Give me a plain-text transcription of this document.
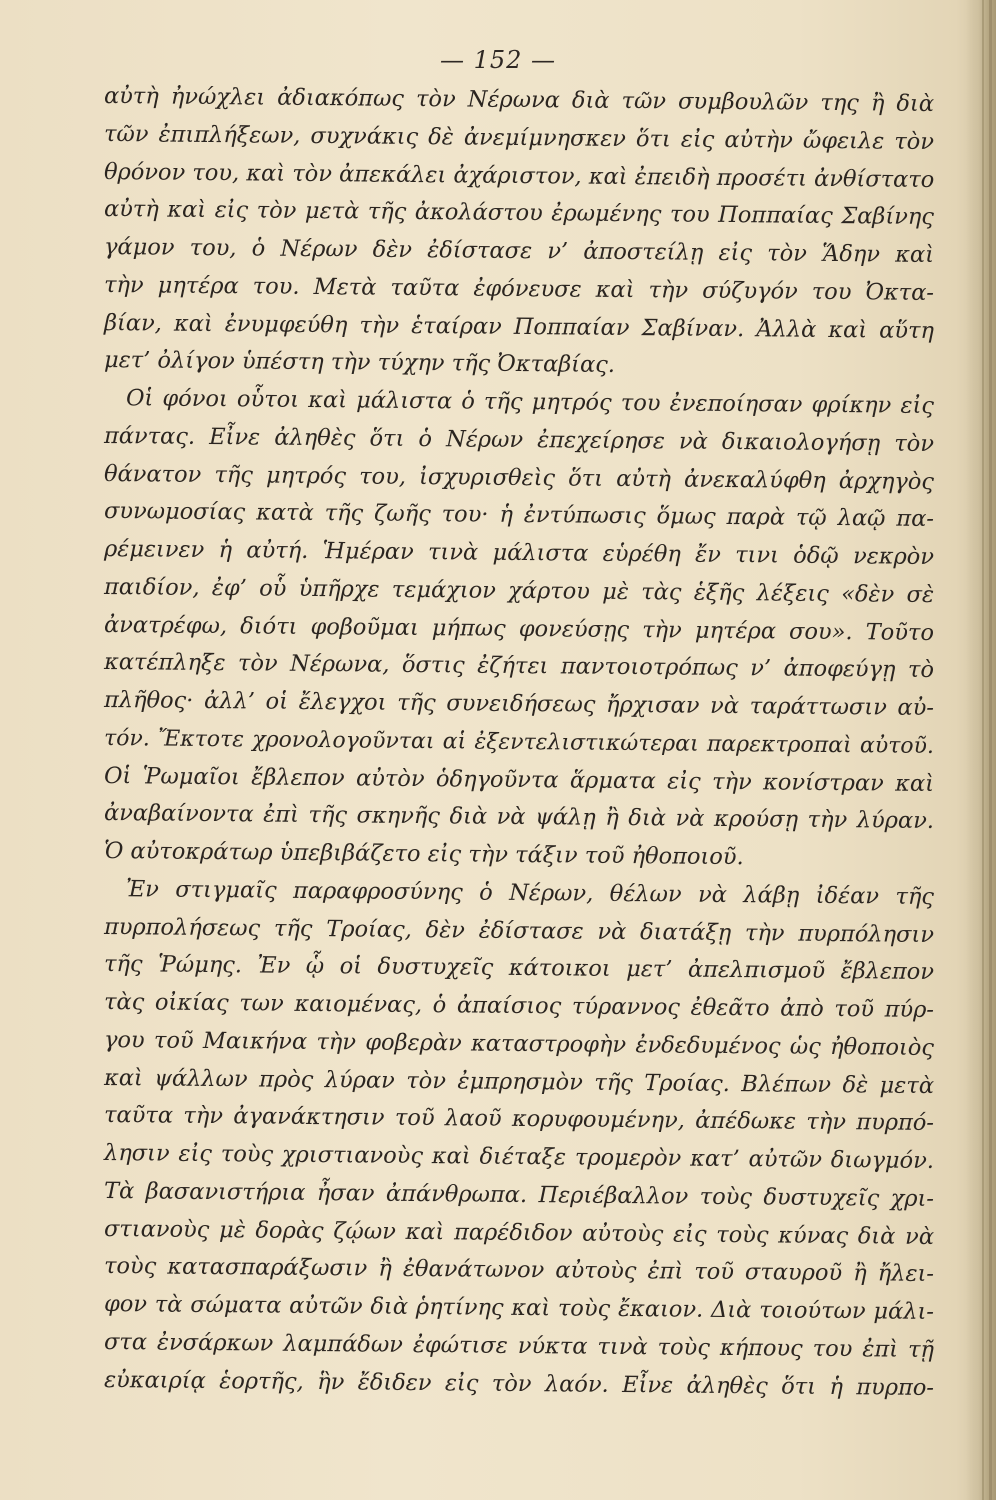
— 152 —
αὐτὴ ἠνώχλει ἀδιακόπως τὸν Νέρωνα διὰ τῶν συμβουλῶν της ἢ διὰ
τῶν ἐπιπλήξεων, συχνάκις δὲ ἀνεμίμνησκεν ὅτι εἰς αὐτὴν ὤφειλε τὸν
θρόνον του, καὶ τὸν ἀπεκάλει ἀχάριστον, καὶ ἐπειδὴ προσέτι ἀνθίστατο
αὐτὴ καὶ εἰς τὸν μετὰ τῆς ἀκολάστου ἐρωμένης του Ποππαίας Σαβίνης
γάμον του, ὁ Νέρων δὲν ἐδίστασε ν’ ἀποστείλῃ εἰς τὸν Ἅδην καὶ
τὴν μητέρα του. Μετὰ ταῦτα ἐφόνευσε καὶ τὴν σύζυγόν του Ὀκτα-
βίαν, καὶ ἐνυμφεύθη τὴν ἑταίραν Ποππαίαν Σαβίναν. Ἀλλὰ καὶ αὕτη
μετ’ ὀλίγον ὑπέστη τὴν τύχην τῆς Ὀκταβίας.
Οἱ φόνοι οὗτοι καὶ μάλιστα ὁ τῆς μητρός του ἐνεποίησαν φρίκην εἰς
πάντας. Εἶνε ἀληθὲς ὅτι ὁ Νέρων ἐπεχείρησε νὰ δικαιολογήσῃ τὸν
θάνατον τῆς μητρός του, ἰσχυρισθεὶς ὅτι αὐτὴ ἀνεκαλύφθη ἀρχηγὸς
συνωμοσίας κατὰ τῆς ζωῆς του· ἡ ἐντύπωσις ὅμως παρὰ τῷ λαῷ πα-
ρέμεινεν ἡ αὐτή. Ἡμέραν τινὰ μάλιστα εὑρέθη ἔν τινι ὁδῷ νεκρὸν
παιδίον, ἐφ’ οὗ ὑπῆρχε τεμάχιον χάρτου μὲ τὰς ἑξῆς λέξεις «δὲν σὲ
ἀνατρέφω, διότι φοβοῦμαι μήπως φονεύσῃς τὴν μητέρα σου». Τοῦτο
κατέπληξε τὸν Νέρωνα, ὅστις ἐζήτει παντοιοτρόπως ν’ ἀποφεύγῃ τὸ
πλῆθος· ἀλλ’ οἱ ἔλεγχοι τῆς συνειδήσεως ἤρχισαν νὰ ταράττωσιν αὐ-
τόν. Ἔκτοτε χρονολογοῦνται αἱ ἐξεντελιστικώτεραι παρεκτροπαὶ αὐτοῦ.
Οἱ Ῥωμαῖοι ἔβλεπον αὐτὸν ὁδηγοῦντα ἅρματα εἰς τὴν κονίστραν καὶ
ἀναβαίνοντα ἐπὶ τῆς σκηνῆς διὰ νὰ ψάλῃ ἢ διὰ νὰ κρούσῃ τὴν λύραν.
Ὁ αὐτοκράτωρ ὑπεβιβάζετο εἰς τὴν τάξιν τοῦ ἠθοποιοῦ.
Ἐν στιγμαῖς παραφροσύνης ὁ Νέρων, θέλων νὰ λάβῃ ἰδέαν τῆς
πυρπολήσεως τῆς Τροίας, δὲν ἐδίστασε νὰ διατάξῃ τὴν πυρπόλησιν
τῆς Ῥώμης. Ἐν ᾧ οἱ δυστυχεῖς κάτοικοι μετ’ ἀπελπισμοῦ ἔβλεπον
τὰς οἰκίας των καιομένας, ὁ ἀπαίσιος τύραννος ἐθεᾶτο ἀπὸ τοῦ πύρ-
γου τοῦ Μαικήνα τὴν φοβερὰν καταστροφὴν ἐνδεδυμένος ὡς ἠθοποιὸς
καὶ ψάλλων πρὸς λύραν τὸν ἐμπρησμὸν τῆς Τροίας. Βλέπων δὲ μετὰ
ταῦτα τὴν ἀγανάκτησιν τοῦ λαοῦ κορυφουμένην, ἀπέδωκε τὴν πυρπό-
λησιν εἰς τοὺς χριστιανοὺς καὶ διέταξε τρομερὸν κατ’ αὐτῶν διωγμόν.
Τὰ βασανιστήρια ἦσαν ἀπάνθρωπα. Περιέβαλλον τοὺς δυστυχεῖς χρι-
στιανοὺς μὲ δορὰς ζῴων καὶ παρέδιδον αὐτοὺς εἰς τοὺς κύνας διὰ νὰ
τοὺς κατασπαράξωσιν ἢ ἐθανάτωνον αὐτοὺς ἐπὶ τοῦ σταυροῦ ἢ ἤλει-
φον τὰ σώματα αὐτῶν διὰ ῥητίνης καὶ τοὺς ἔκαιον. Διὰ τοιούτων μάλι-
στα ἐνσάρκων λαμπάδων ἐφώτισε νύκτα τινὰ τοὺς κήπους του ἐπὶ τῇ
εὐκαιρίᾳ ἑορτῆς, ἣν ἔδιδεν εἰς τὸν λαόν. Εἶνε ἀληθὲς ὅτι ἡ πυρπο-
